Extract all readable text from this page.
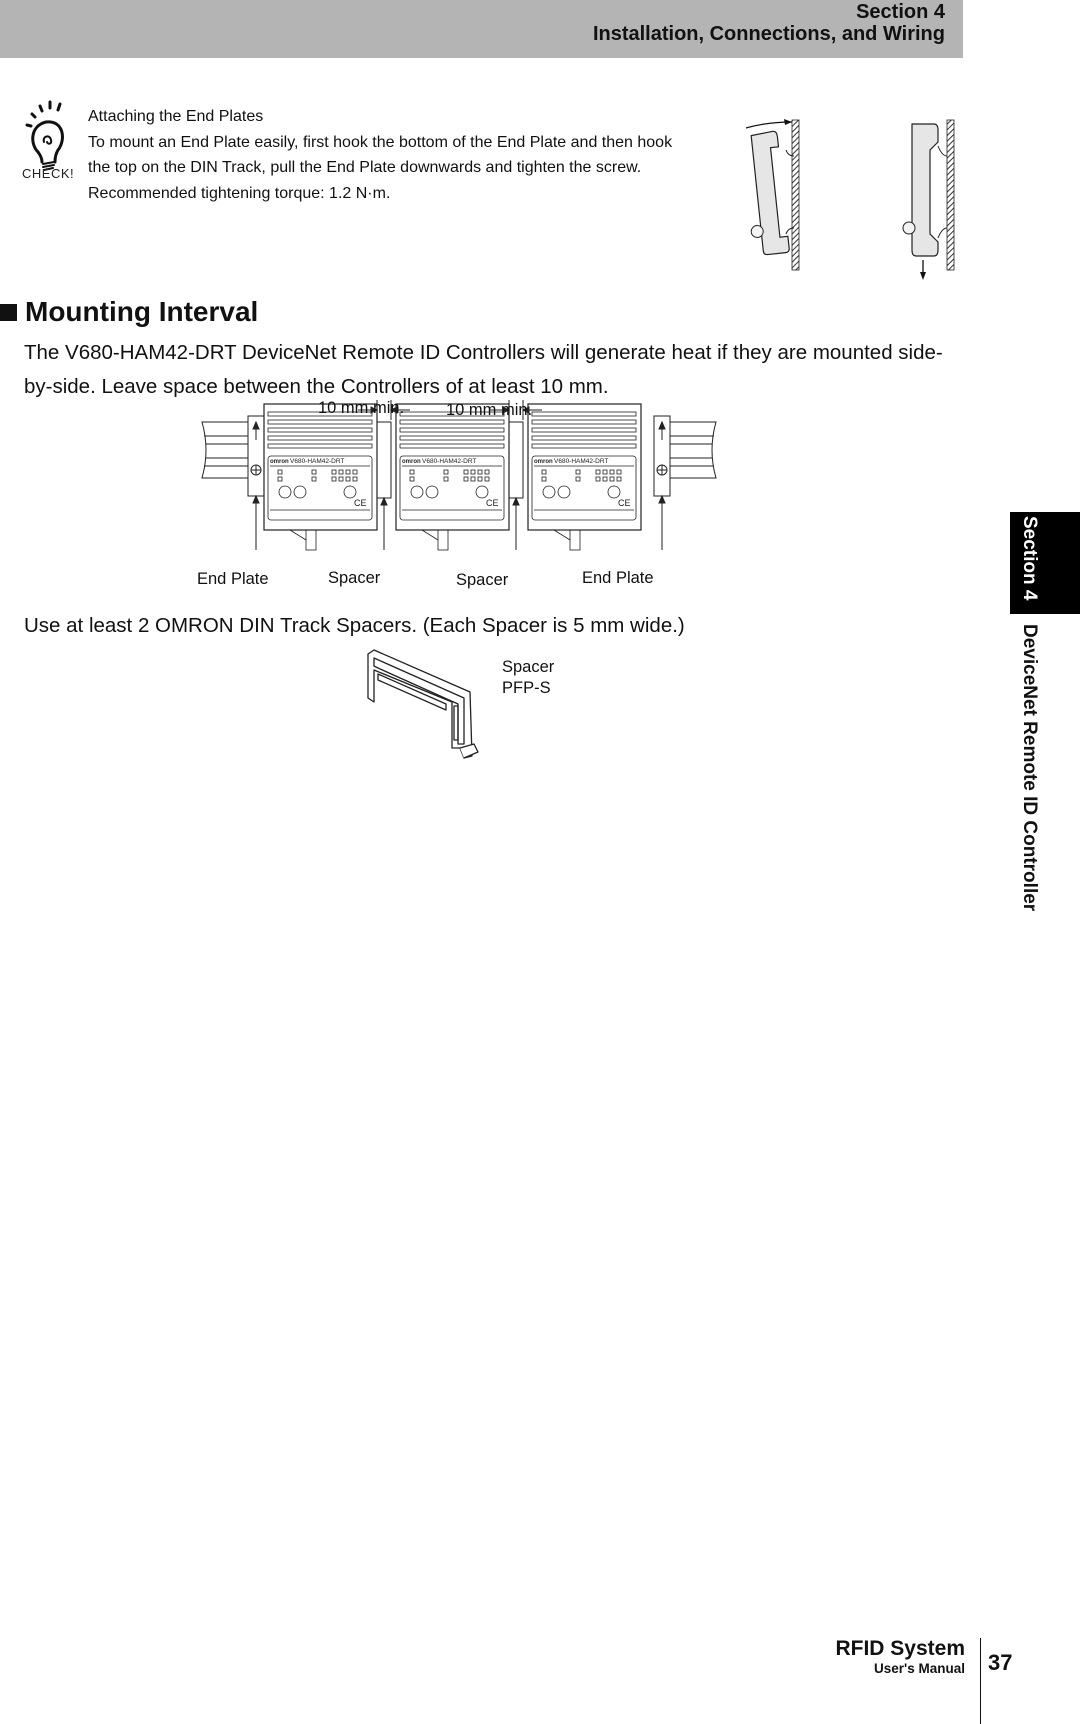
Section 4
Installation, Connections, and Wiring
CHECK!
Attaching the End Plates
To mount an End Plate easily, first hook the bottom of the End Plate and then hook
the top on the DIN Track, pull the End Plate downwards and tighten the screw.
Recommended tightening torque: 1.2 N·m.
Mounting Interval
The V680-HAM42-DRT DeviceNet Remote ID Controllers will generate heat if they are mounted side-
by-side. Leave space between the Controllers of at least 10 mm.
omron V680-HAM42-DRT
CE
10 mm min.	10 mm min.
End Plate	Spacer	Spacer	End Plate
Use at least 2 OMRON DIN Track Spacers. (Each Spacer is 5 mm wide.)
Spacer
PFP-S
Section 4
DeviceNet Remote ID Controller
RFID System
User's Manual 37
